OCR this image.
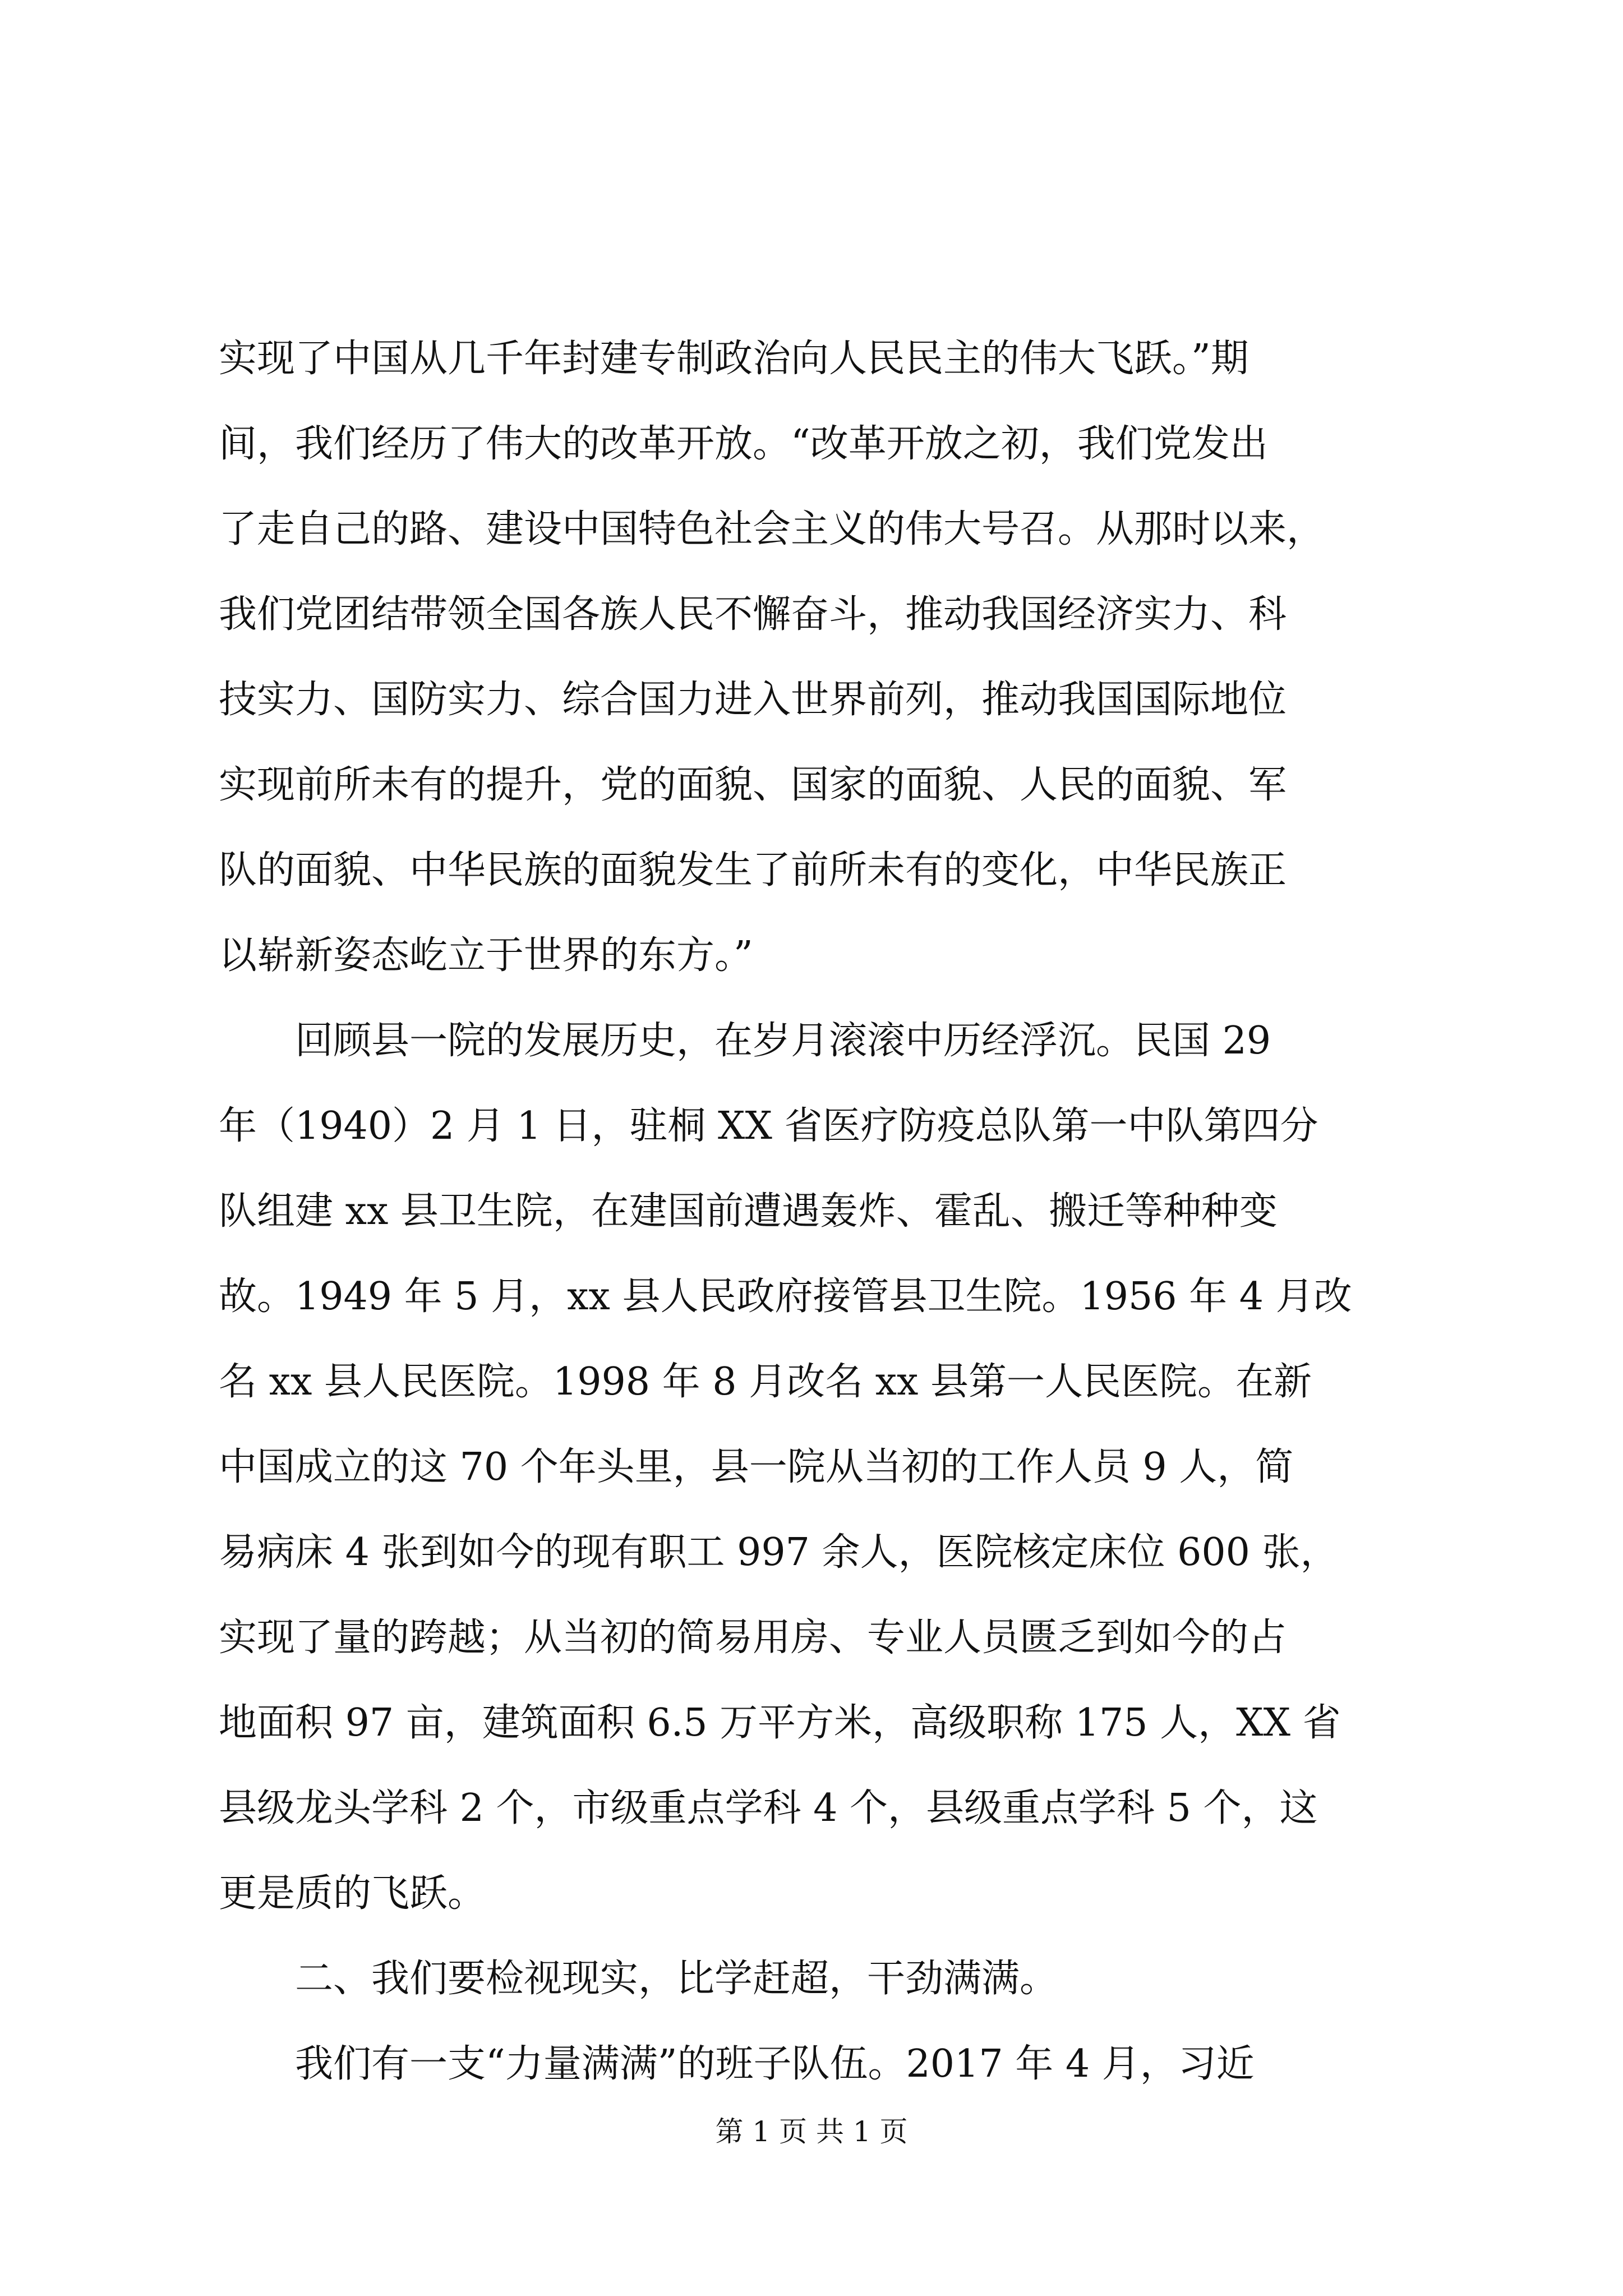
实现了中国从几千年封建专制政治向人民民主的伟大飞跃。”期
间，我们经历了伟大的改革开放。“改革开放之初，我们党发出
了走自己的路、建设中国特色社会主义的伟大号召。从那时以来，
我们党团结带领全国各族人民不懈奋斗，推动我国经济实力、科
技实力、国防实力、综合国力进入世界前列，推动我国国际地位
实现前所未有的提升，党的面貌、国家的面貌、人民的面貌、军
队的面貌、中华民族的面貌发生了前所未有的变化，中华民族正
以崭新姿态屹立于世界的东方。”
　　回顾县一院的发展历史，在岁月滚滚中历经浮沉。民国 29
年（1940）2 月 1 日，驻桐 XX 省医疗防疫总队第一中队第四分
队组建 xx 县卫生院，在建国前遭遇轰炸、霍乱、搬迁等种种变
故。1949 年 5 月，xx 县人民政府接管县卫生院。1956 年 4 月改
名 xx 县人民医院。1998 年 8 月改名 xx 县第一人民医院。在新
中国成立的这 70 个年头里，县一院从当初的工作人员 9 人，简
易病床 4 张到如今的现有职工 997 余人，医院核定床位 600 张，
实现了量的跨越；从当初的简易用房、专业人员匮乏到如今的占
地面积 97 亩，建筑面积 6.5 万平方米，高级职称 175 人，XX 省
县级龙头学科 2 个，市级重点学科 4 个，县级重点学科 5 个，这
更是质的飞跃。
　　二、我们要检视现实，比学赶超，干劲满满。
　　我们有一支“力量满满”的班子队伍。2017 年 4 月，习近
第 1 页 共 1 页
